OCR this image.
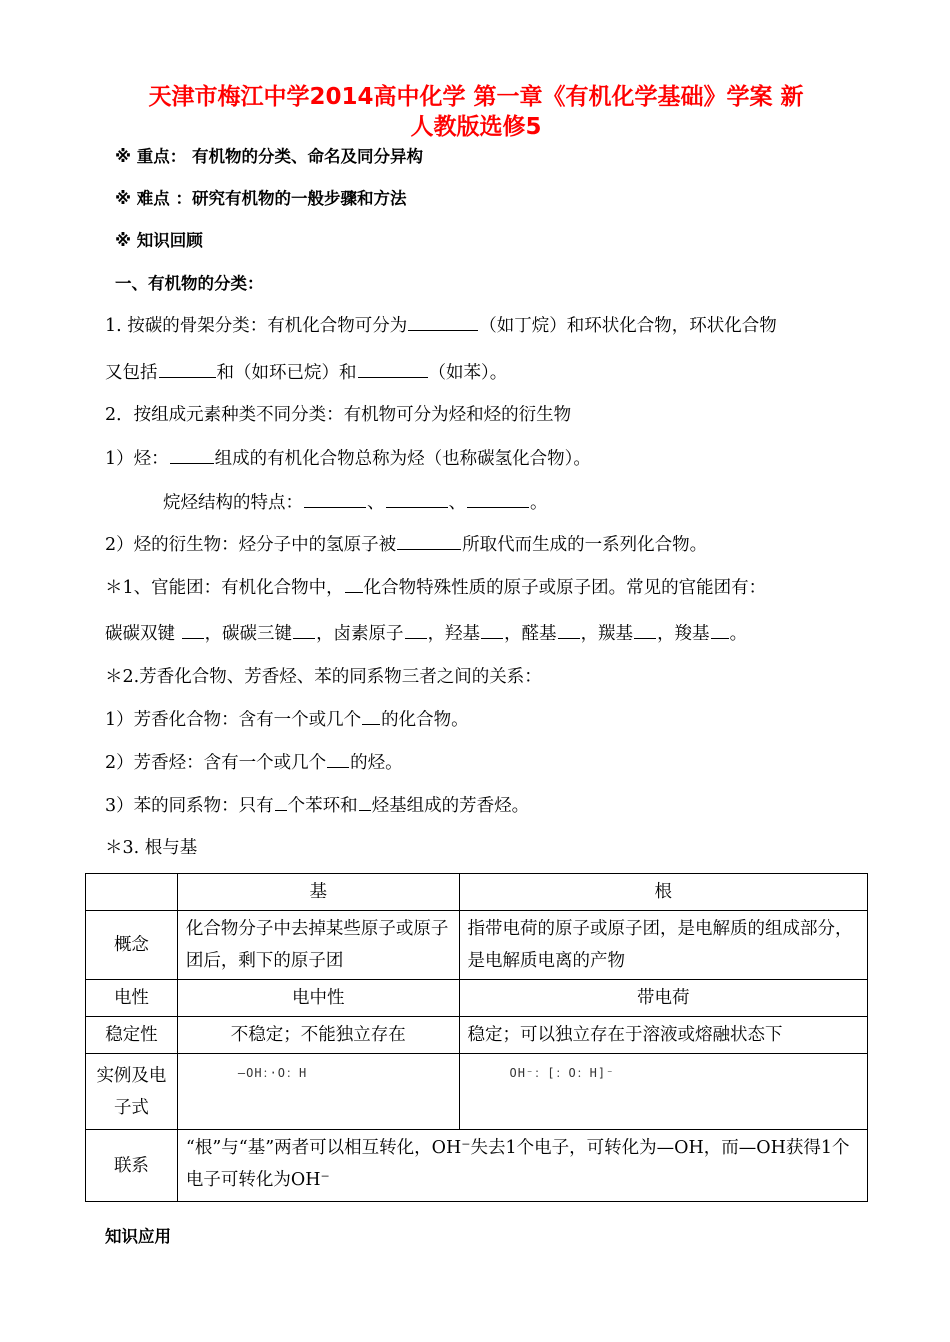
天津市梅江中学2014高中化学 第一章《有机化学基础》学案 新
人教版选修5
※ 重点： 有机物的分类、命名及同分异构
※ 难点 ：研究有机物的一般步骤和方法
※ 知识回顾
一、有机物的分类：
1. 按碳的骨架分类：有机化合物可分为	（如丁烷）和环状化合物，环状化合物
又包括	和（如环已烷）和	（如苯）。
2．按组成元素种类不同分类：有机物可分为烃和烃的衍生物
1）烃：	组成的有机化合物总称为烃（也称碳氢化合物）。
烷烃结构的特点：	、	、	。
2）烃的衍生物：烃分子中的氢原子被	所取代而生成的一系列化合物。
＊1、官能团：有机化合物中， 化合物特殊性质的原子或原子团。常见的官能团有：
碳碳双键 ，碳碳三键 ，卤素原子 ，羟基 ，醛基 ，羰基 ，羧基 。
＊2.芳香化合物、芳香烃、苯的同系物三者之间的关系：
1）芳香化合物：含有一个或几个 的化合物。
2）芳香烃：含有一个或几个 的烃。
3）苯的同系物：只有 个苯环和 烃基组成的芳香烃。
＊3. 根与基
	基	根
概念	化合物分子中去掉某些原子或原子团后，剩下的原子团	指带电荷的原子或原子团，是电解质的组成部分，是电解质电离的产物
电性	电中性	带电荷
稳定性	不稳定；不能独立存在	稳定；可以独立存在于溶液或熔融状态下
实例及电子式	—OH：·O：H	OH⁻：[：O：H]⁻
联系	“根”与“基”两者可以相互转化，OH⁻失去1个电子，可转化为—OH，而—OH获得1个电子可转化为OH⁻	
知识应用
